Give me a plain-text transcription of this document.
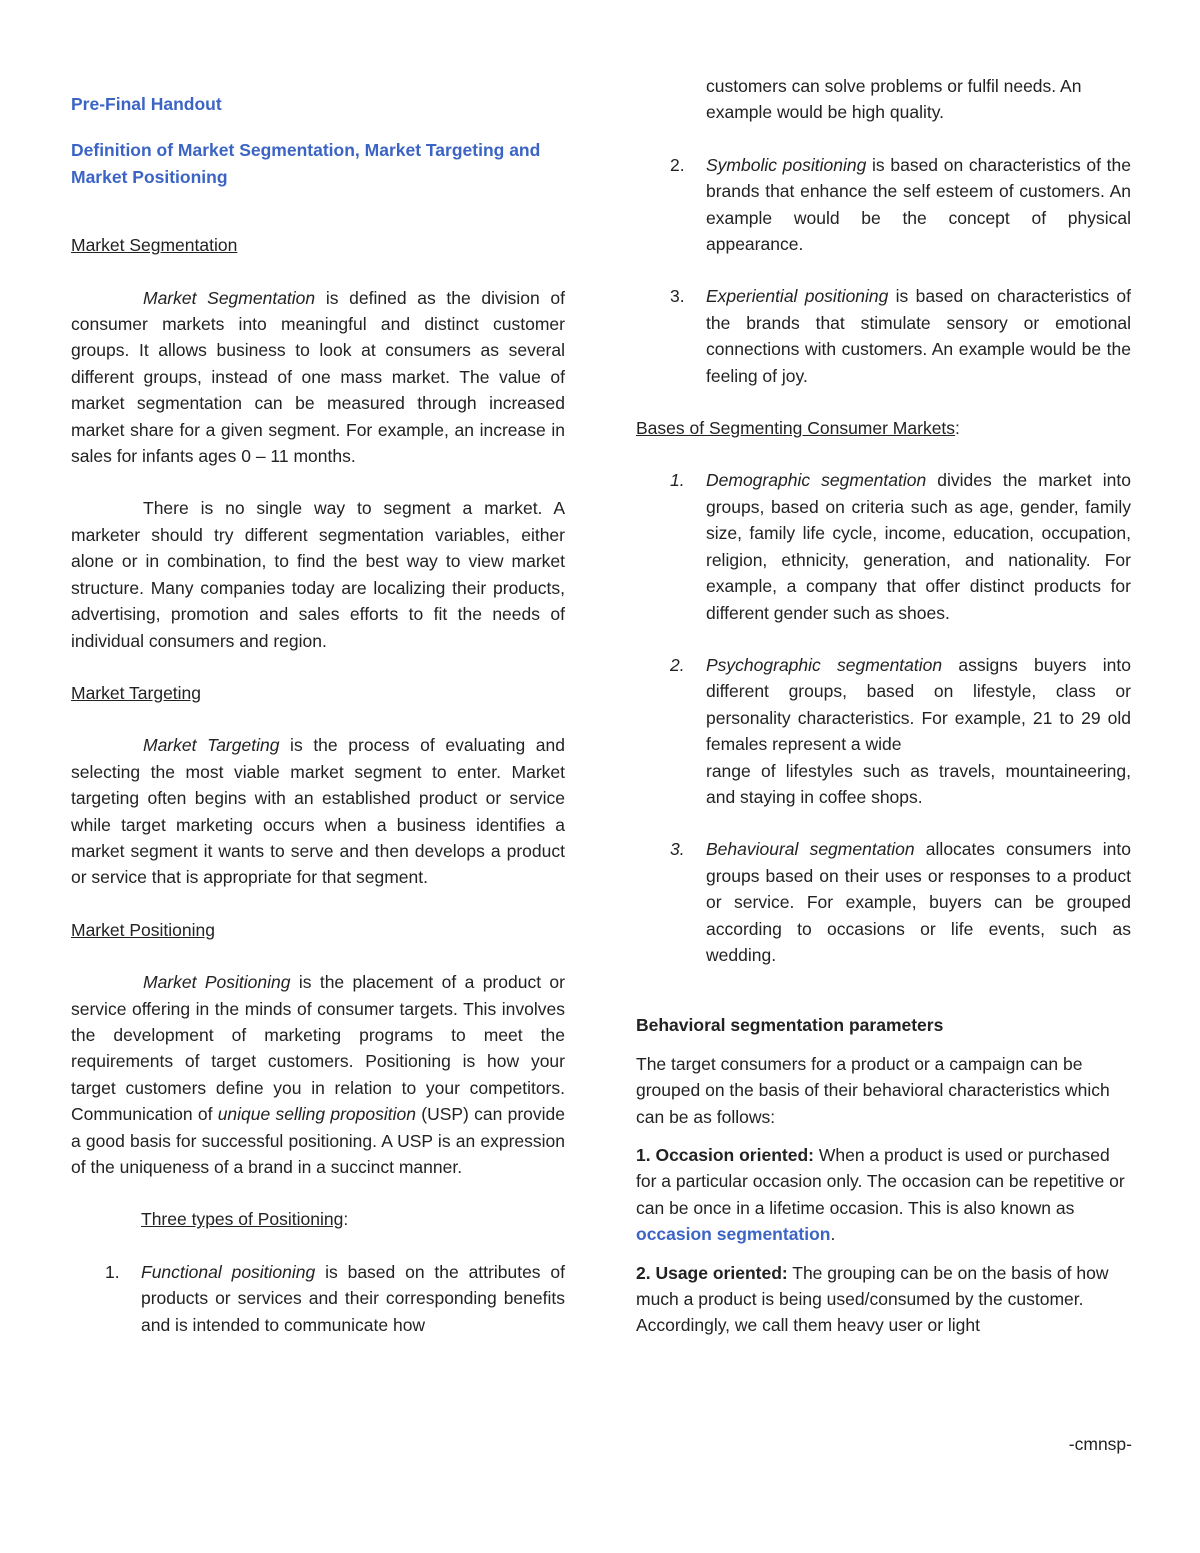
Pre-Final Handout

Definition of Market Segmentation, Market Targeting and
Market Positioning

Market Segmentation

Market Segmentation is defined as the division of consumer markets into meaningful and distinct customer groups. It allows business to look at consumers as several different groups, instead of one mass market. The value of market segmentation can be measured through increased market share for a given segment. For example, an increase in sales for infants ages 0 – 11 months.

There is no single way to segment a market. A marketer should try different segmentation variables, either alone or in combination, to find the best way to view market structure. Many companies today are localizing their products, advertising, promotion and sales efforts to fit the needs of individual consumers and region.

Market Targeting

Market Targeting is the process of evaluating and selecting the most viable market segment to enter. Market targeting often begins with an established product or service while target marketing occurs when a business identifies a market segment it wants to serve and then develops a product or service that is appropriate for that segment.

Market Positioning

Market Positioning is the placement of a product or service offering in the minds of consumer targets. This involves the development of marketing programs to meet the requirements of target customers. Positioning is how your target customers define you in relation to your competitors. Communication of unique selling proposition (USP) can provide a good basis for successful positioning. A USP is an expression of the uniqueness of a brand in a succinct manner.

Three types of Positioning:

1.	Functional positioning is based on the attributes of products or services and their corresponding benefits and is intended to communicate how
customers can solve problems or fulfil needs. An example would be high quality.
2.	Symbolic positioning is based on characteristics of the brands that enhance the self esteem of customers. An example would be the concept of physical appearance.
3.	Experiential positioning is based on characteristics of the brands that stimulate sensory or emotional connections with customers. An example would be the feeling of joy.

Bases of Segmenting Consumer Markets:

1.	Demographic segmentation divides the market into groups, based on criteria such as age, gender, family size, family life cycle, income, education, occupation, religion, ethnicity, generation, and nationality. For example, a company that offer distinct products for different gender such as shoes.
2.	Psychographic segmentation assigns buyers into different groups, based on lifestyle, class or personality characteristics. For example, 21 to 29 old females represent a wide
range of lifestyles such as travels, mountaineering, and staying in coffee shops.
3.	Behavioural segmentation allocates consumers into groups based on their uses or responses to a product or service. For example, buyers can be grouped according to occasions or life events, such as wedding.

Behavioral segmentation parameters

The target consumers for a product or a campaign can be grouped on the basis of their behavioral characteristics which can be as follows:

1. Occasion oriented: When a product is used or purchased for a particular occasion only. The occasion can be repetitive or can be once in a lifetime occasion. This is also known as occasion segmentation.

2. Usage oriented: The grouping can be on the basis of how much a product is being used/consumed by the customer. Accordingly, we call them heavy user or light

-cmnsp-
